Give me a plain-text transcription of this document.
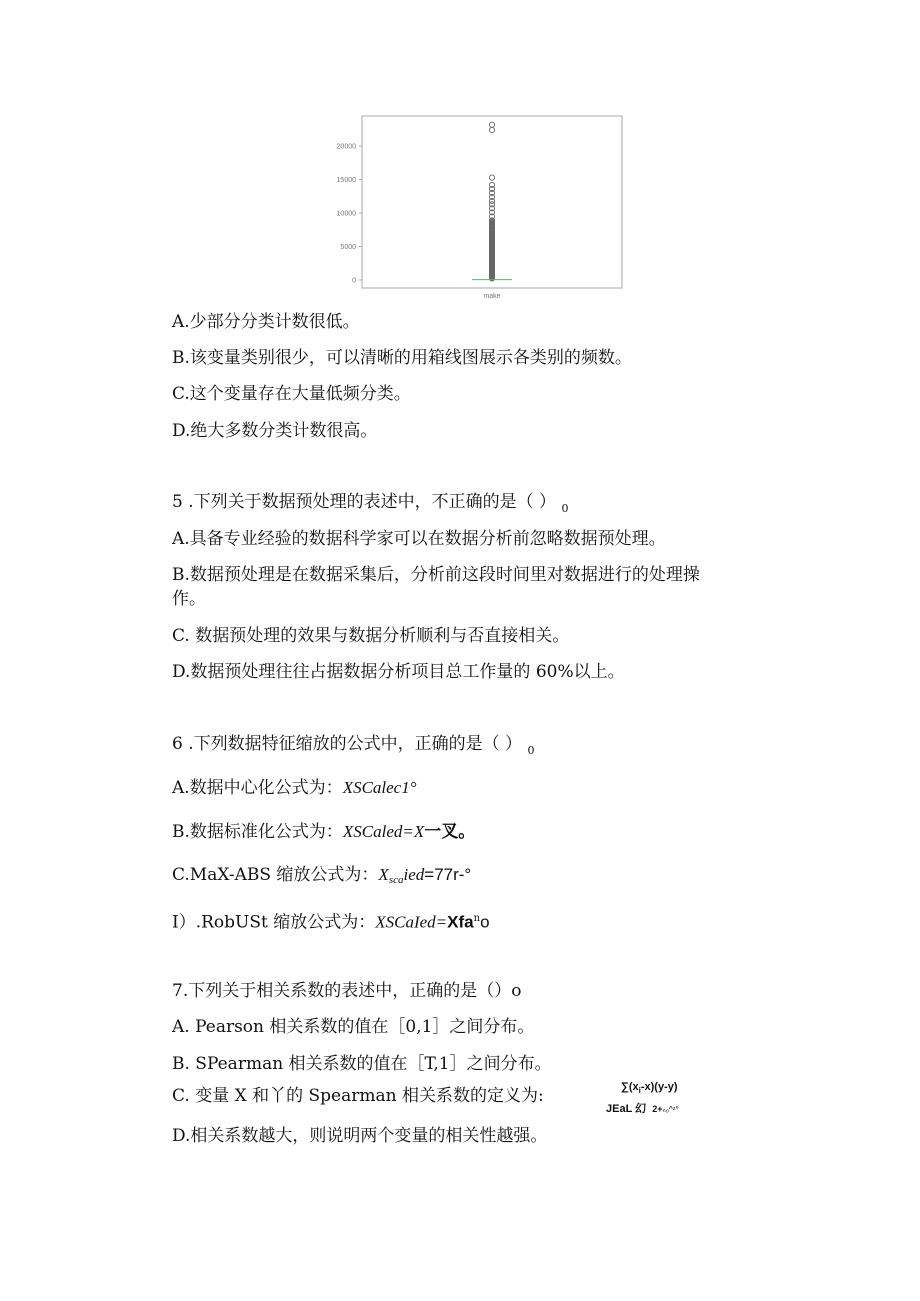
0
5000
10000
15000
20000
make
A.少部分分类计数很低。
B.该变量类别很少，可以清晰的用箱线图展示各类别的频数。
C.这个变量存在大量低频分类。
D.绝大多数分类计数很高。
5 .下列关于数据预处理的表述中，不正确的是（ ） $_0$
A.具备专业经验的数据科学家可以在数据分析前忽略数据预处理。
B.数据预处理是在数据采集后，分析前这段时间里对数据进行的处理操
作。
C. 数据预处理的效果与数据分析顺利与否直接相关。
D.数据预处理往往占据数据分析项目总工作量的 60%以上。
6 .下列数据特征缩放的公式中，正确的是（ ） $_0$
A.数据中心化公式为：XSCalec1°
B.数据标准化公式为：XSCaled=X一叉。
C.MaX-ABS 缩放公式为：$X_{sca}ied=77r-^\circ$
I）.RobUSt 缩放公式为：XSCaIed=Xfa$^n$o
7.下列关于相关系数的表述中，正确的是（）o
A. Pearson 相关系数的值在［0,1］之间分布。
B. SPearman 相关系数的值在［T,1］之间分布。
C. 变量 X 和丫的 Spearman 相关系数的定义为:	$\sum(x_i-x)(y-y)$
JEaL 幻 2+ₙ₀^ᶻ°
D.相关系数越大，则说明两个变量的相关性越强。
